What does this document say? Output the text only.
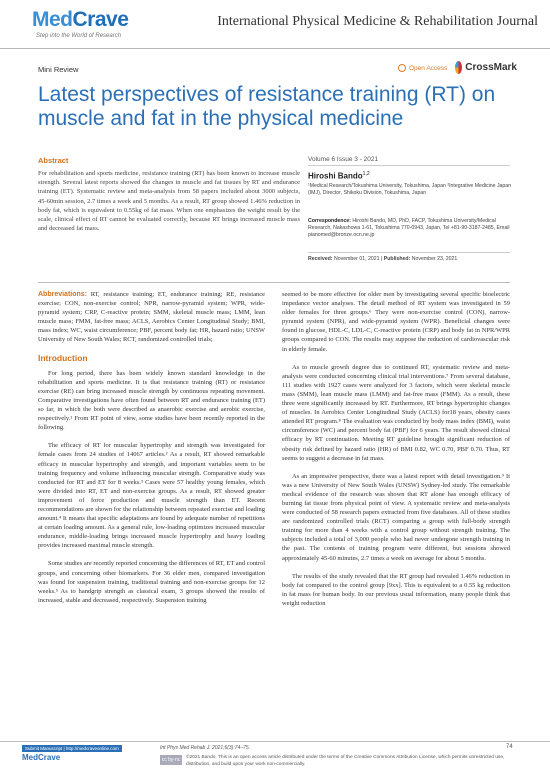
MedCrave
Step into the World of Research
International Physical Medicine & Rehabilitation Journal
Mini Review	Open Access CrossMark
Latest perspectives of resistance training (RT) on muscle and fat in the physical medicine
Abstract
For rehabilitation and sports medicine, resistance training (RT) has been known to increase muscle strength. Several latest reports showed the changes in muscle and fat tissues by RT and endurance training (ET). Systematic review and meta-analysis from 58 papers included about 3000 subjects, 45-60min session, 2.7 times a week and 5 months. As a result, RT group showed 1.46% reduction in body fat, which is equivalent to 0.55kg of fat mass. When one emphasizes the weight result by the scale, clinical effect of RT cannot be evaluated correctly, because RT brings increased muscle mass and decreased fat mass.
Volume 6 Issue 3 - 2021
Hiroshi Bando$^{1,2}$
¹Medical Research/Tokushima University, Tokushima, Japan ²Integrative Medicine Japan (IMJ), Director, Shikoku Division, Tokushima, Japan
Correspondence: Hiroshi Bando, MD, PhD, FACP, Tokushima University/Medical Research, Nakashowa 1-61, Tokushima 770-0943, Japan, Tel +81-90-3187-2485, Email pianomed@bronze.ocn.ne.jp
Received: November 01, 2021 | Published: November 23, 2021

Abbreviations: RT, resistance training; ET, endurance training; RE, resistance exercise; CON, non-exercise control; NPR, narrow-pyramid system; WPR, wide-pyramid system; CRP, C-reactive protein; SMM, skeletal muscle mass; LMM, lean muscle mass; FMM, fat-free mass; ACLS, Aerobics Center Longitudinal Study; BMI, mass index; WC, waist circumference; PBF, percent body fat; HR, hazard ratio; UNSW University of New South Wales; RCT, randomized controlled trials;

Introduction

For long period, there has been widely known standard knowledge in the rehabilitation and sports medicine. It is that resistance training (RT) or resistance exercise (RE) can bring increased muscle strength by continuous repeating movement. Comparative investigations have often found between RT and endurance training (ET) so far, in which the both were described as anaerobic exercise and aerobic exercise, respectively.¹ From RT point of view, some studies have been recently reported in the following.

The efficacy of RT for muscular hypertrophy and strength was investigated for female cases from 24 studies of 14067 articles.² As a result, RT showed remarkable efficacy in muscular hypertrophy and strength, and important variables seem to be training frequency and volume influencing muscular strength. Comparative study was conducted for RT and ET for 8 weeks.³ Cases were 57 healthy young females, which were divided into RT, ET and non-exercise groups. As a result, RT showed greater improvement of force production and muscle strength than ET. Recent recommendations are shown for the relationship between repeated exercise and loading amount.⁴ It means that specific adaptations are found by adequate number of repetitions at certain loading amount. As a general rule, low-loading optimizes increased muscular endurance, middle-loading brings increased muscle hypertrophy and heavy loading provides increased maximal muscle strength.

Some studies are recently reported concerning the differences of RT, ET and control groups, and concerning other biomarkers. For 36 elder men, compared investigation was found for suspension training, traditional training and non-exercise groups for 12 weeks.⁵ As to handgrip strength as classical exam, 3 groups showed the results of increased, stable and decreased, respectively. Suspension training

seemed to be more effective for older men by investigating several specific bioelectric impedance vector analyses. The detail method of RT system was investigated in 59 older females for three groups.⁶ They were non-exercise control (CON), narrow-pyramid system (NPR), and wide-pyramid system (WPR). Beneficial changes were found in glucose, HDL-C, LDL-C, C-reactive protein (CRP) and body fat in NPR/WPR groups compared to CON. The results may suppose the reduction of cardiovascular risk in elderly female.

As to muscle growth degree due to continued RT, systematic review and meta-analysis were conducted concerning clinical trial interventions.⁷ From several database, 111 studies with 1927 cases were analyzed for 3 factors, which were skeletal muscle mass (SMM), lean muscle mass (LMM) and fat-free mass (FMM). As a result, these three were significantly increased by RT. Furthermore, RT brings hypertrophic changes of muscles. In Aerobics Center Longitudinal Study (ACLS) for18 years, obesity cases attended RT program.⁸ The evaluation was conducted by body mass index (BMI), waist circumference (WC) and percent body fat (PBF) for 6 years. The result showed clinical efficacy by RT continuation. Meeting RT guideline brought significant reduction of obesity risk defined by hazard ratio (HR) of BMI 0.82, WC 0.70, PBF 0.70. Thus, RT seems to suggest a decrease in fat mass.

As an impressive perspective, there was a latest report with detail investigation.⁹ It was a new University of New South Wales (UNSW) Sydney-led study. The remarkable medical evidence of the research was shown that RT alone has enough efficacy of burning fat tissue from physical point of view. A systematic review and meta-analysis were conducted of 58 research papers extracted from five databases. All of these studies are randomized controlled trials (RCT) comparing a group with full-body strength training for more than 4 weeks with a control group without strength training. The subjects included a total of 3,000 people who had never undergone strength training in the past. The contents of training program were different, but sessions showed approximately 45-60 minutes, 2.7 times a week on average for about 5 months.

The results of the study revealed that the RT group had revealed 1.46% reduction in body fat compared to the control group [9xx]. This is equivalent to a 0.55 kg reduction in fat mass for human body. In our previous usual information, many people think that weight reduction

Submit Manuscript | http://medcraveonline.com
MedCrave
Int Phys Med Rehab J. 2021;6(3):74–75.	74
cc by-nc	©2021 Bando. This is an open access article distributed under the terms of the Creative Commons Attribution License, which permits unrestricted use, distribution, and build upon your work non-commercially.
